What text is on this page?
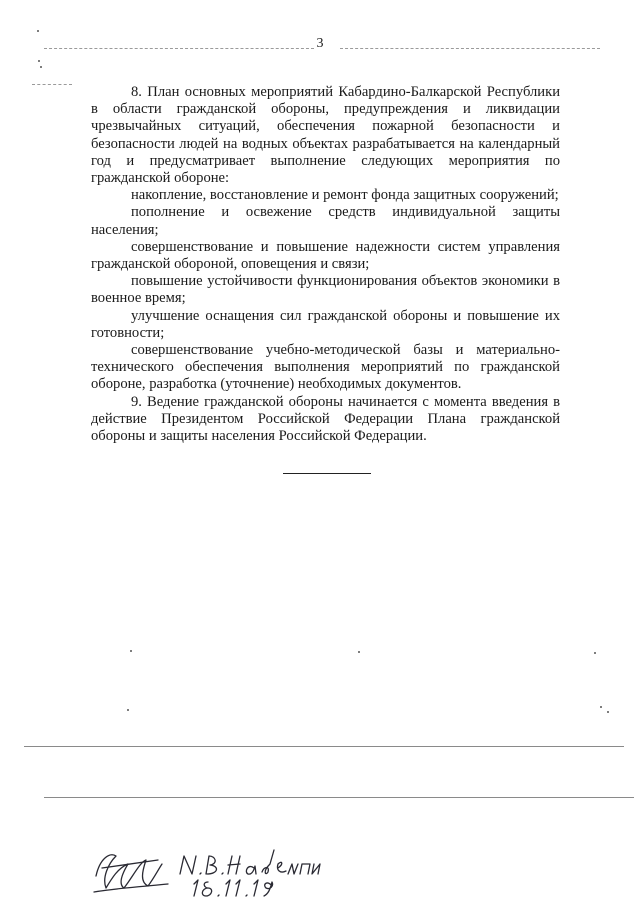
3

8. План основных мероприятий Кабардино-Балкарской Республики в области гражданской обороны, предупреждения и ликвидации чрезвычайных ситуаций, обеспечения пожарной безопасности и безопасности людей на водных объектах разрабатывается на календарный год и предусматривает выполнение следующих мероприятия по гражданской обороне:

накопление, восстановление и ремонт фонда защитных сооружений;

пополнение и освежение средств индивидуальной защиты населения;

совершенствование и повышение надежности систем управления гражданской обороной, оповещения и связи;

повышение устойчивости функционирования объектов экономики в военное время;

улучшение оснащения сил гражданской обороны и повышение их готовности;

совершенствование учебно-методической базы и материально-технического обеспечения выполнения мероприятий по гражданской обороне, разработка (уточнение) необходимых документов.

9. Ведение гражданской обороны начинается с момента введения в действие Президентом Российской Федерации Плана гражданской обороны и защиты населения Российской Федерации.
